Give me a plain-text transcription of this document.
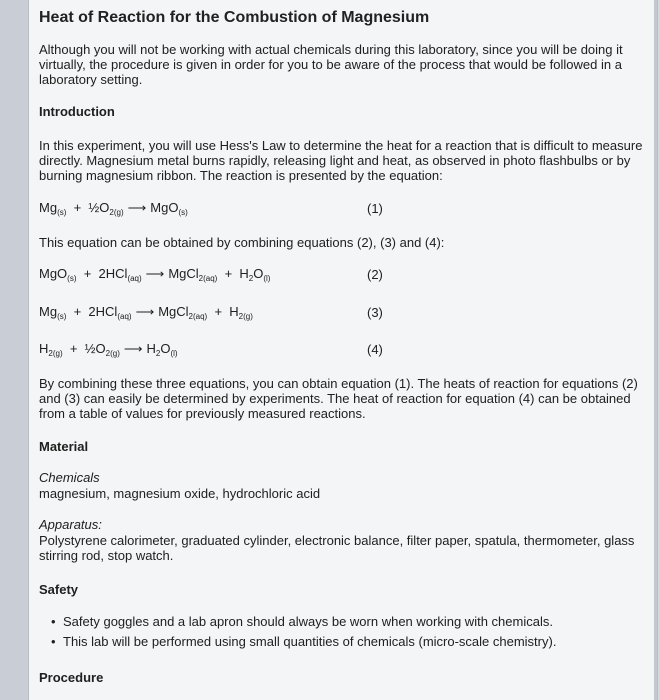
Heat of Reaction for the Combustion of Magnesium
Although you will not be working with actual chemicals during this laboratory, since you will be doing it virtually, the procedure is given in order for you to be aware of the process that would be followed in a laboratory setting.
Introduction
In this experiment, you will use Hess's Law to determine the heat for a reaction that is difficult to measure directly. Magnesium metal burns rapidly, releasing light and heat, as observed in photo flashbulbs or by burning magnesium ribbon. The reaction is presented by the equation:
$Mg_{(s)}$  +  $\frac{1}{2}O_{2(g)}$ ⟶ MgO$_{(s)}$	(1)
This equation can be obtained by combining equations (2), (3) and (4):
MgO$_{(s)}$  +  2HCl$_{(aq)}$ ⟶ MgCl$_{2(aq)}$  +  $H_2O_{(l)}$	(2)
$Mg_{(s)} + 2HCl_{(aq)}$ ⟶ MgCl$_{2(aq)}$  +  $H_{2(g)}$	(3)
$H_{2(g)}$  +  $\frac{1}{2}O_{2(g)}$ ⟶ $H_2O_{(l)}$	(4)
By combining these three equations, you can obtain equation (1). The heats of reaction for equations (2) and (3) can easily be determined by experiments. The heat of reaction for equation (4) can be obtained from a table of values for previously measured reactions.
Material
Chemicals
magnesium, magnesium oxide, hydrochloric acid
Apparatus:
Polystyrene calorimeter, graduated cylinder, electronic balance, filter paper, spatula, thermometer, glass stirring rod, stop watch.
Safety
• Safety goggles and a lab apron should always be worn when working with chemicals.
• This lab will be performed using small quantities of chemicals (micro-scale chemistry).
Procedure
